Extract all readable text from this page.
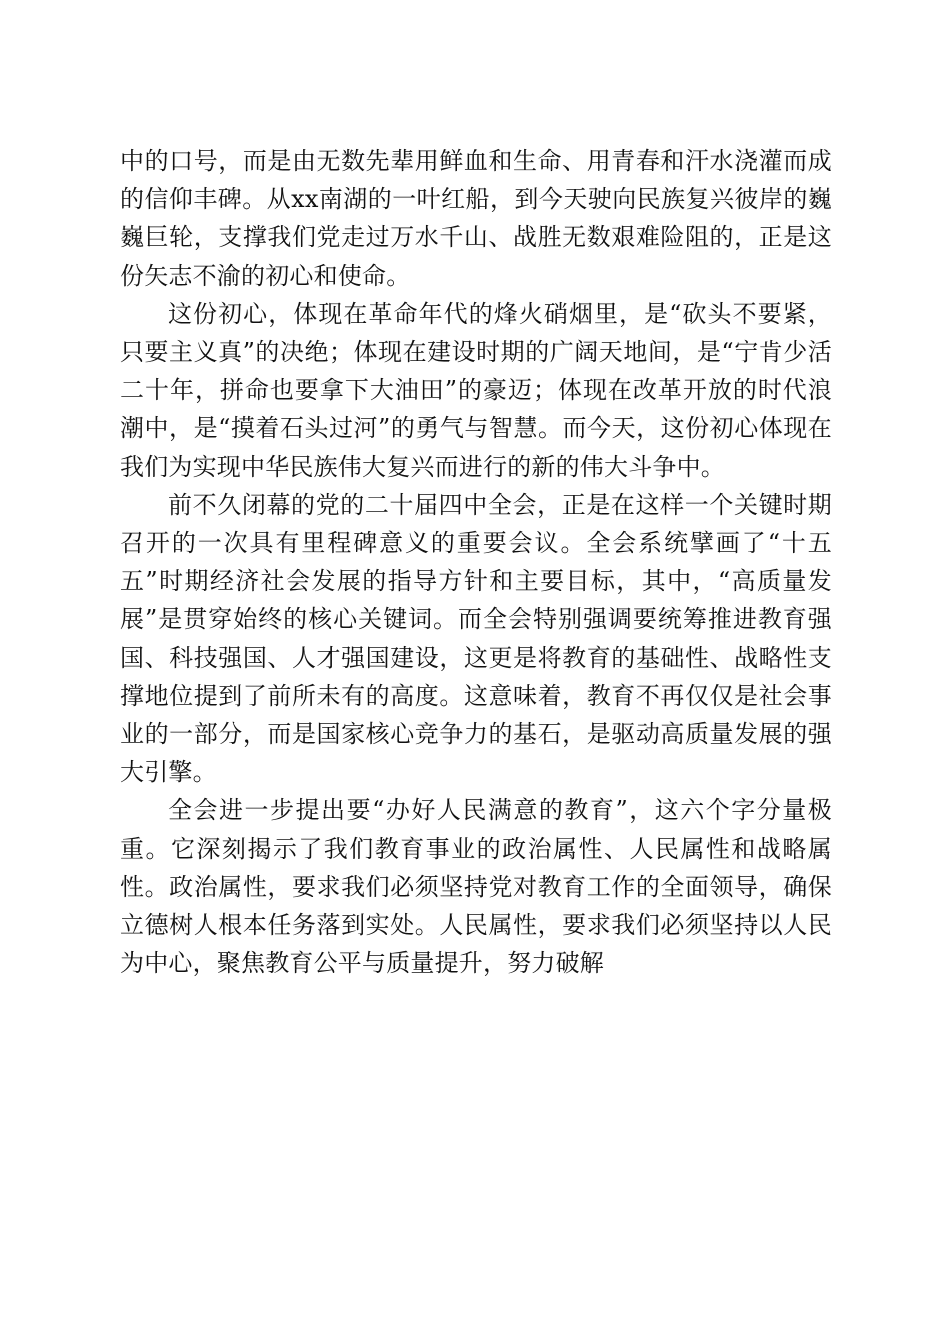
中的口号，而是由无数先辈用鲜血和生命、用青春和汗水浇灌而成的信仰丰碑。从xx南湖的一叶红船，到今天驶向民族复兴彼岸的巍巍巨轮，支撑我们党走过万水千山、战胜无数艰难险阻的，正是这份矢志不渝的初心和使命。

这份初心，体现在革命年代的烽火硝烟里，是“砍头不要紧，只要主义真”的决绝；体现在建设时期的广阔天地间，是“宁肯少活二十年，拼命也要拿下大油田”的豪迈；体现在改革开放的时代浪潮中，是“摸着石头过河”的勇气与智慧。而今天，这份初心体现在我们为实现中华民族伟大复兴而进行的新的伟大斗争中。

前不久闭幕的党的二十届四中全会，正是在这样一个关键时期召开的一次具有里程碑意义的重要会议。全会系统擘画了“十五五”时期经济社会发展的指导方针和主要目标，其中，“高质量发展”是贯穿始终的核心关键词。而全会特别强调要统筹推进教育强国、科技强国、人才强国建设，这更是将教育的基础性、战略性支撑地位提到了前所未有的高度。这意味着，教育不再仅仅是社会事业的一部分，而是国家核心竞争力的基石，是驱动高质量发展的强大引擎。

全会进一步提出要“办好人民满意的教育”，这六个字分量极重。它深刻揭示了我们教育事业的政治属性、人民属性和战略属性。政治属性，要求我们必须坚持党对教育工作的全面领导，确保立德树人根本任务落到实处。人民属性，要求我们必须坚持以人民为中心，聚焦教育公平与质量提升，努力破解
